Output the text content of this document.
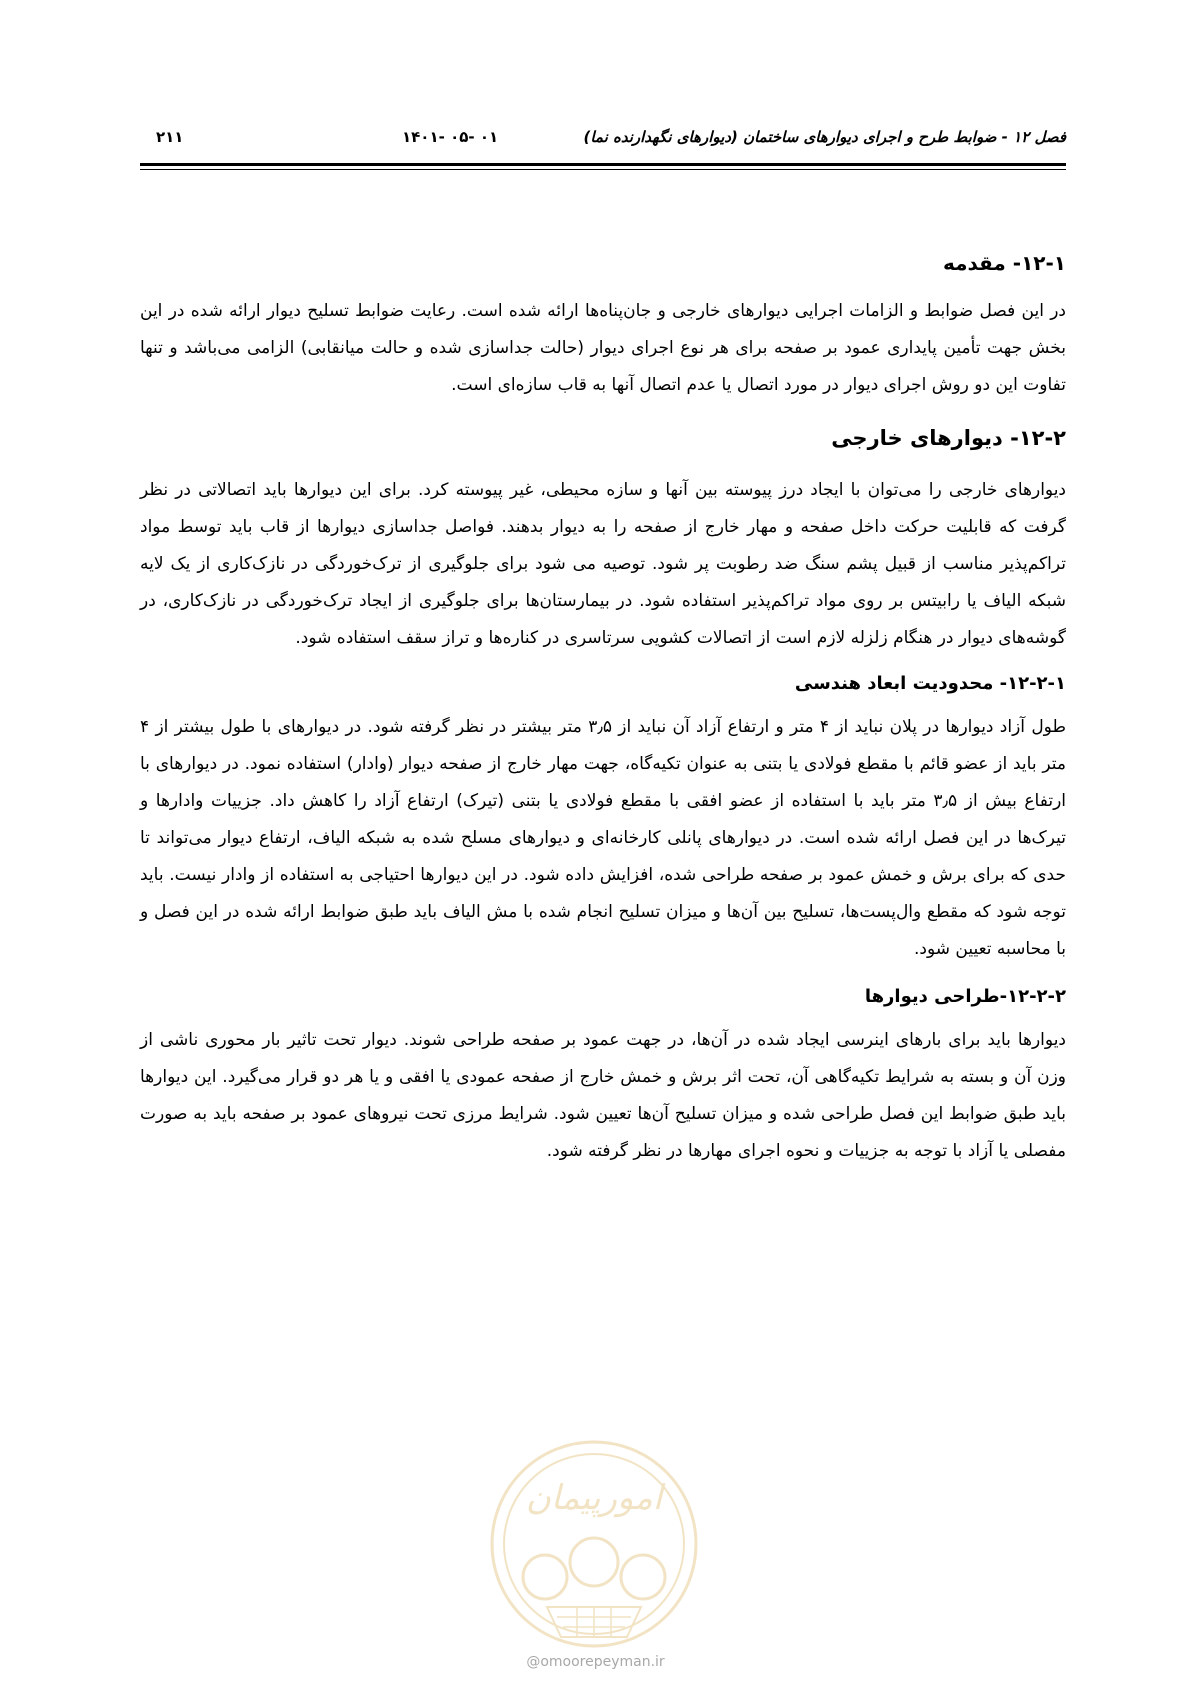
فصل ۱۲ - ضوابط طرح و اجرای دیوارهای ساختمان (دیوارهای نگهدارنده نما)
۰۱ -۰۵ -۱۴۰۱
۲۱۱
۱۲-۱- مقدمه

در این فصل ضوابط و الزامات اجرایی دیوارهای خارجی و جان‌پناه‌ها ارائه شده است. رعایت ضوابط تسلیح دیوار ارائه شده در این بخش جهت تأمین پایداری عمود بر صفحه برای هر نوع اجرای دیوار (حالت جداسازی شده و حالت میانقابی) الزامی می‌باشد و تنها تفاوت این دو روش اجرای دیوار در مورد اتصال یا عدم اتصال آنها به قاب سازه‌ای است.

۱۲-۲- دیوارهای خارجی

دیوارهای خارجی را می‌توان با ایجاد درز پیوسته بین آنها و سازه محیطی، غیر پیوسته کرد. برای این دیوارها باید اتصالاتی در نظر گرفت که قابلیت حرکت داخل صفحه و مهار خارج از صفحه را به دیوار بدهند. فواصل جداسازی دیوارها از قاب باید توسط مواد تراکم‌پذیر مناسب از قبیل پشم سنگ ضد رطوبت پر شود. توصیه می شود برای جلوگیری از ترک‌خوردگی در نازک‌کاری از یک لایه شبکه الیاف یا رابیتس بر روی مواد تراکم‌پذیر استفاده شود. در بیمارستان‌ها برای جلوگیری از ایجاد ترک‌خوردگی در نازک‌کاری، در گوشه‌های دیوار در هنگام زلزله لازم است از اتصالات کشویی سرتاسری در کناره‌ها و تراز سقف استفاده شود.

۱۲-۲-۱- محدودیت ابعاد هندسی

طول آزاد دیوارها در پلان نباید از ۴ متر و ارتفاع آزاد آن نباید از ۳٫۵ متر بیشتر در نظر گرفته شود. در دیوارهای با طول بیشتر از ۴ متر باید از عضو قائم با مقطع فولادی یا بتنی به عنوان تکیه‌گاه، جهت مهار خارج از صفحه دیوار (وادار) استفاده نمود. در دیوارهای با ارتفاع بیش از ۳٫۵ متر باید با استفاده از عضو افقی با مقطع فولادی یا بتنی (تیرک) ارتفاع آزاد را کاهش داد. جزییات وادارها و تیرک‌ها در این فصل ارائه شده است. در دیوارهای پانلی کارخانه‌ای و دیوارهای مسلح شده به شبکه الیاف، ارتفاع دیوار می‌تواند تا حدی که برای برش و خمش عمود بر صفحه طراحی شده، افزایش داده شود. در این دیوارها احتیاجی به استفاده از وادار نیست. باید توجه شود که مقطع وال‌پست‌ها، تسلیح بین آن‌ها و میزان تسلیح انجام شده با مش الیاف باید طبق ضوابط ارائه شده در این فصل و با محاسبه تعیین شود.

۱۲-۲-۲-طراحی دیوارها

دیوارها باید برای بارهای اینرسی ایجاد شده در آن‌ها، در جهت عمود بر صفحه طراحی شوند. دیوار تحت تاثیر بار محوری ناشی از وزن آن و بسته به شرایط تکیه‌گاهی آن، تحت اثر برش و خمش خارج از صفحه عمودی یا افقی و یا هر دو قرار می‌گیرد. این دیوارها باید طبق ضوابط این فصل طراحی شده و میزان تسلیح آن‌ها تعیین شود. شرایط مرزی تحت نیروهای عمود بر صفحه باید به صورت مفصلی یا آزاد با توجه به جزییات و نحوه اجرای مهارها در نظر گرفته شود.

امورپیمان
@omoorepeyman.ir
